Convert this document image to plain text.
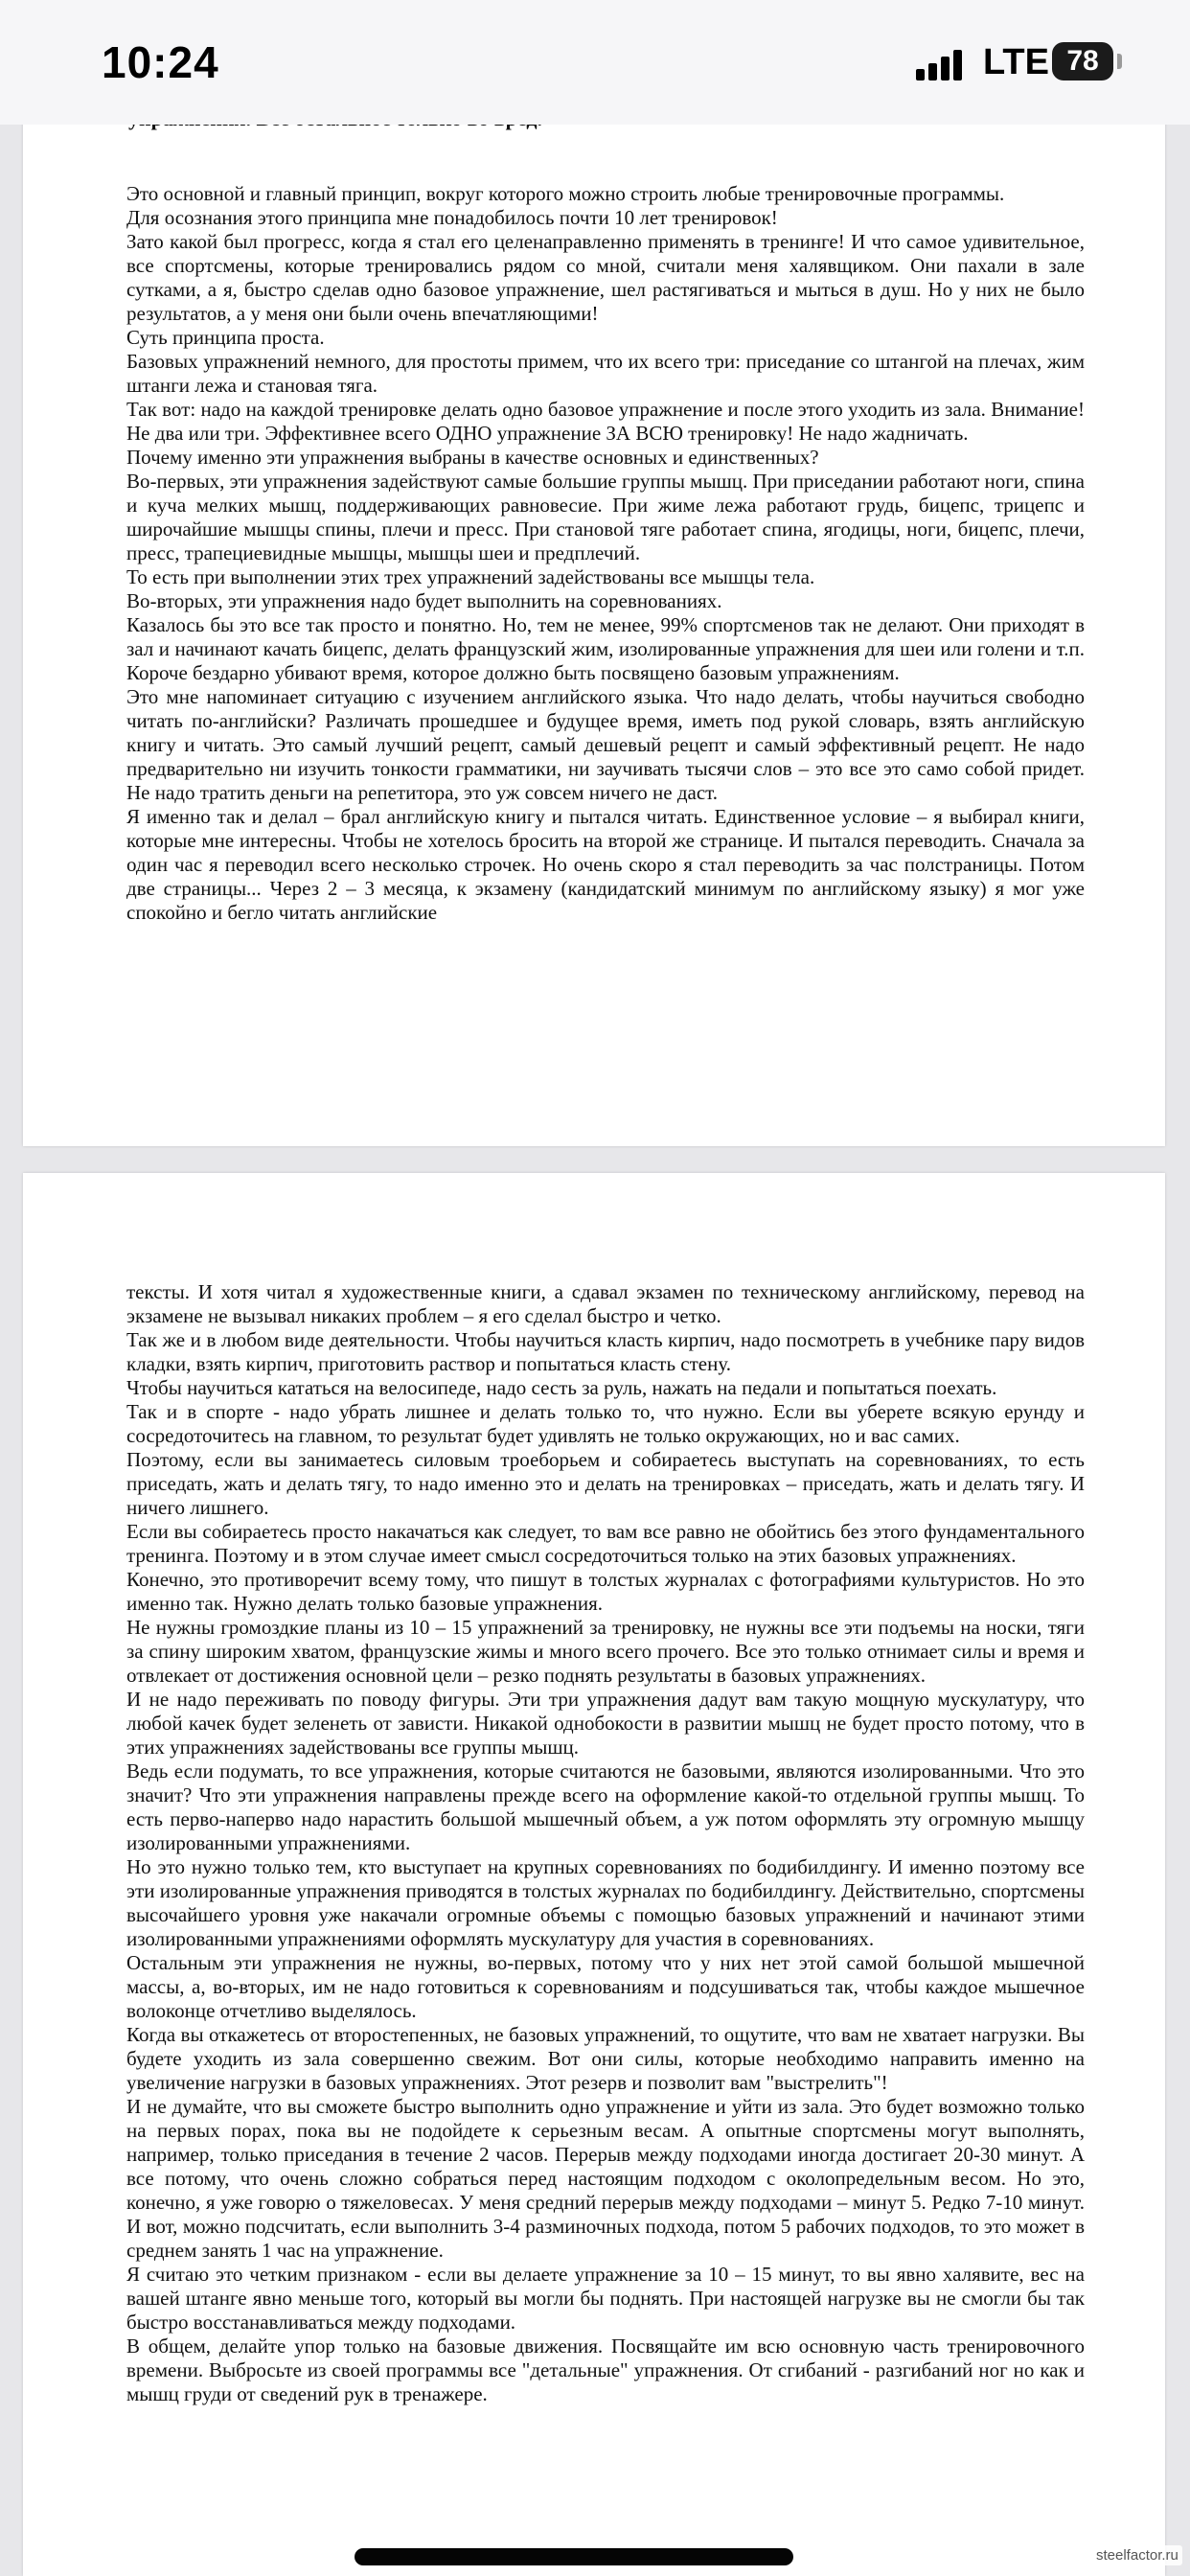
10:24	LTE 78

Это основной и главный принцип, вокруг которого можно строить любые тренировочные программы.

Для осознания этого принципа мне понадобилось почти 10 лет тренировок!

Зато какой был прогресс, когда я стал его целенаправленно применять в тренинге! И что самое удивительное, все спортсмены, которые тренировались рядом со мной, считали меня халявщиком. Они пахали в зале сутками, а я, быстро сделав одно базовое упражнение, шел растягиваться и мыться в душ. Но у них не было результатов, а у меня они были очень впечатляющими!

Суть принципа проста.

Базовых упражнений немного, для простоты примем, что их всего три: приседание со штангой на плечах, жим штанги лежа и становая тяга.

Так вот: надо на каждой тренировке делать одно базовое упражнение и после этого уходить из зала. Внимание! Не два или три. Эффективнее всего ОДНО упражнение ЗА ВСЮ тренировку! Не надо жадничать.

Почему именно эти упражнения выбраны в качестве основных и единственных?

Во-первых, эти упражнения задействуют самые большие группы мышц. При приседании работают ноги, спина и куча мелких мышц, поддерживающих равновесие. При жиме лежа работают грудь, бицепс, трицепс и широчайшие мышцы спины, плечи и пресс. При становой тяге работает спина, ягодицы, ноги, бицепс, плечи, пресс, трапециевидные мышцы, мышцы шеи и предплечий.

То есть при выполнении этих трех упражнений задействованы все мышцы тела.

Во-вторых, эти упражнения надо будет выполнить на соревнованиях.

Казалось бы это все так просто и понятно. Но, тем не менее, 99% спортсменов так не делают. Они приходят в зал и начинают качать бицепс, делать французский жим, изолированные упражнения для шеи или голени и т.п. Короче бездарно убивают время, которое должно быть посвящено базовым упражнениям.

Это мне напоминает ситуацию с изучением английского языка. Что надо делать, чтобы научиться свободно читать по-английски? Различать прошедшее и будущее время, иметь под рукой словарь, взять английскую книгу и читать. Это самый лучший рецепт, самый дешевый рецепт и самый эффективный рецепт. Не надо предварительно ни изучить тонкости грамматики, ни заучивать тысячи слов – это все это само собой придет. Не надо тратить деньги на репетитора, это уж совсем ничего не даст.

Я именно так и делал – брал английскую книгу и пытался читать. Единственное условие – я выбирал книги, которые мне интересны. Чтобы не хотелось бросить на второй же странице. И пытался переводить. Сначала за один час я переводил всего несколько строчек. Но очень скоро я стал переводить за час полстраницы. Потом две страницы... Через 2 – 3 месяца, к экзамену (кандидатский минимум по английскому языку) я мог уже спокойно и бегло читать английские

тексты. И хотя читал я художественные книги, а сдавал экзамен по техническому английскому, перевод на экзамене не вызывал никаких проблем – я его сделал быстро и четко.

Так же и в любом виде деятельности. Чтобы научиться класть кирпич, надо посмотреть в учебнике пару видов кладки, взять кирпич, приготовить раствор и попытаться класть стену.

Чтобы научиться кататься на велосипеде, надо сесть за руль, нажать на педали и попытаться поехать.

Так и в спорте - надо убрать лишнее и делать только то, что нужно. Если вы уберете всякую ерунду и сосредоточитесь на главном, то результат будет удивлять не только окружающих, но и вас самих.

Поэтому, если вы занимаетесь силовым троеборьем и собираетесь выступать на соревнованиях, то есть приседать, жать и делать тягу, то надо именно это и делать на тренировках – приседать, жать и делать тягу. И ничего лишнего.

Если вы собираетесь просто накачаться как следует, то вам все равно не обойтись без этого фундаментального тренинга. Поэтому и в этом случае имеет смысл сосредоточиться только на этих базовых упражнениях.

Конечно, это противоречит всему тому, что пишут в толстых журналах с фотографиями культуристов. Но это именно так. Нужно делать только базовые упражнения.

Не нужны громоздкие планы из 10 – 15 упражнений за тренировку, не нужны все эти подъемы на носки, тяги за спину широким хватом, французские жимы и много всего прочего. Все это только отнимает силы и время и отвлекает от достижения основной цели – резко поднять результаты в базовых упражнениях.

И не надо переживать по поводу фигуры. Эти три упражнения дадут вам такую мощную мускулатуру, что любой качек будет зеленеть от зависти. Никакой однобокости в развитии мышц не будет просто потому, что в этих упражнениях задействованы все группы мышц.

Ведь если подумать, то все упражнения, которые считаются не базовыми, являются изолированными. Что это значит? Что эти упражнения направлены прежде всего на оформление какой-то отдельной группы мышц. То есть перво-наперво надо нарастить большой мышечный объем, а уж потом оформлять эту огромную мышцу изолированными упражнениями.

Но это нужно только тем, кто выступает на крупных соревнованиях по бодибилдингу. И именно поэтому все эти изолированные упражнения приводятся в толстых журналах по бодибилдингу. Действительно, спортсмены высочайшего уровня уже накачали огромные объемы с помощью базовых упражнений и начинают этими изолированными упражнениями оформлять мускулатуру для участия в соревнованиях.

Остальным эти упражнения не нужны, во-первых, потому что у них нет этой самой большой мышечной массы, а, во-вторых, им не надо готовиться к соревнованиям и подсушиваться так, чтобы каждое мышечное волоконце отчетливо выделялось.

Когда вы откажетесь от второстепенных, не базовых упражнений, то ощутите, что вам не хватает нагрузки. Вы будете уходить из зала совершенно свежим. Вот они силы, которые необходимо направить именно на увеличение нагрузки в базовых упражнениях. Этот резерв и позволит вам "выстрелить"!

И не думайте, что вы сможете быстро выполнить одно упражнение и уйти из зала. Это будет возможно только на первых порах, пока вы не подойдете к серьезным весам. А опытные спортсмены могут выполнять, например, только приседания в течение 2 часов. Перерыв между подходами иногда достигает 20-30 минут. А все потому, что очень сложно собраться перед настоящим подходом с околопредельным весом. Но это, конечно, я уже говорю о тяжеловесах. У меня средний перерыв между подходами – минут 5. Редко 7-10 минут. И вот, можно подсчитать, если выполнить 3-4 разминочных подхода, потом 5 рабочих подходов, то это может в среднем занять 1 час на упражнение.

Я считаю это четким признаком - если вы делаете упражнение за 10 – 15 минут, то вы явно халявите, вес на вашей штанге явно меньше того, который вы могли бы поднять. При настоящей нагрузке вы не смогли бы так быстро восстанавливаться между подходами.

В общем, делайте упор только на базовые движения. Посвящайте им всю основную часть тренировочного времени. Выбросьте из своей программы все "детальные" упражнения. От сгибаний - разгибаний ног но как и мышц груди от сведений рук в тренажере.

steelfactor.ru
